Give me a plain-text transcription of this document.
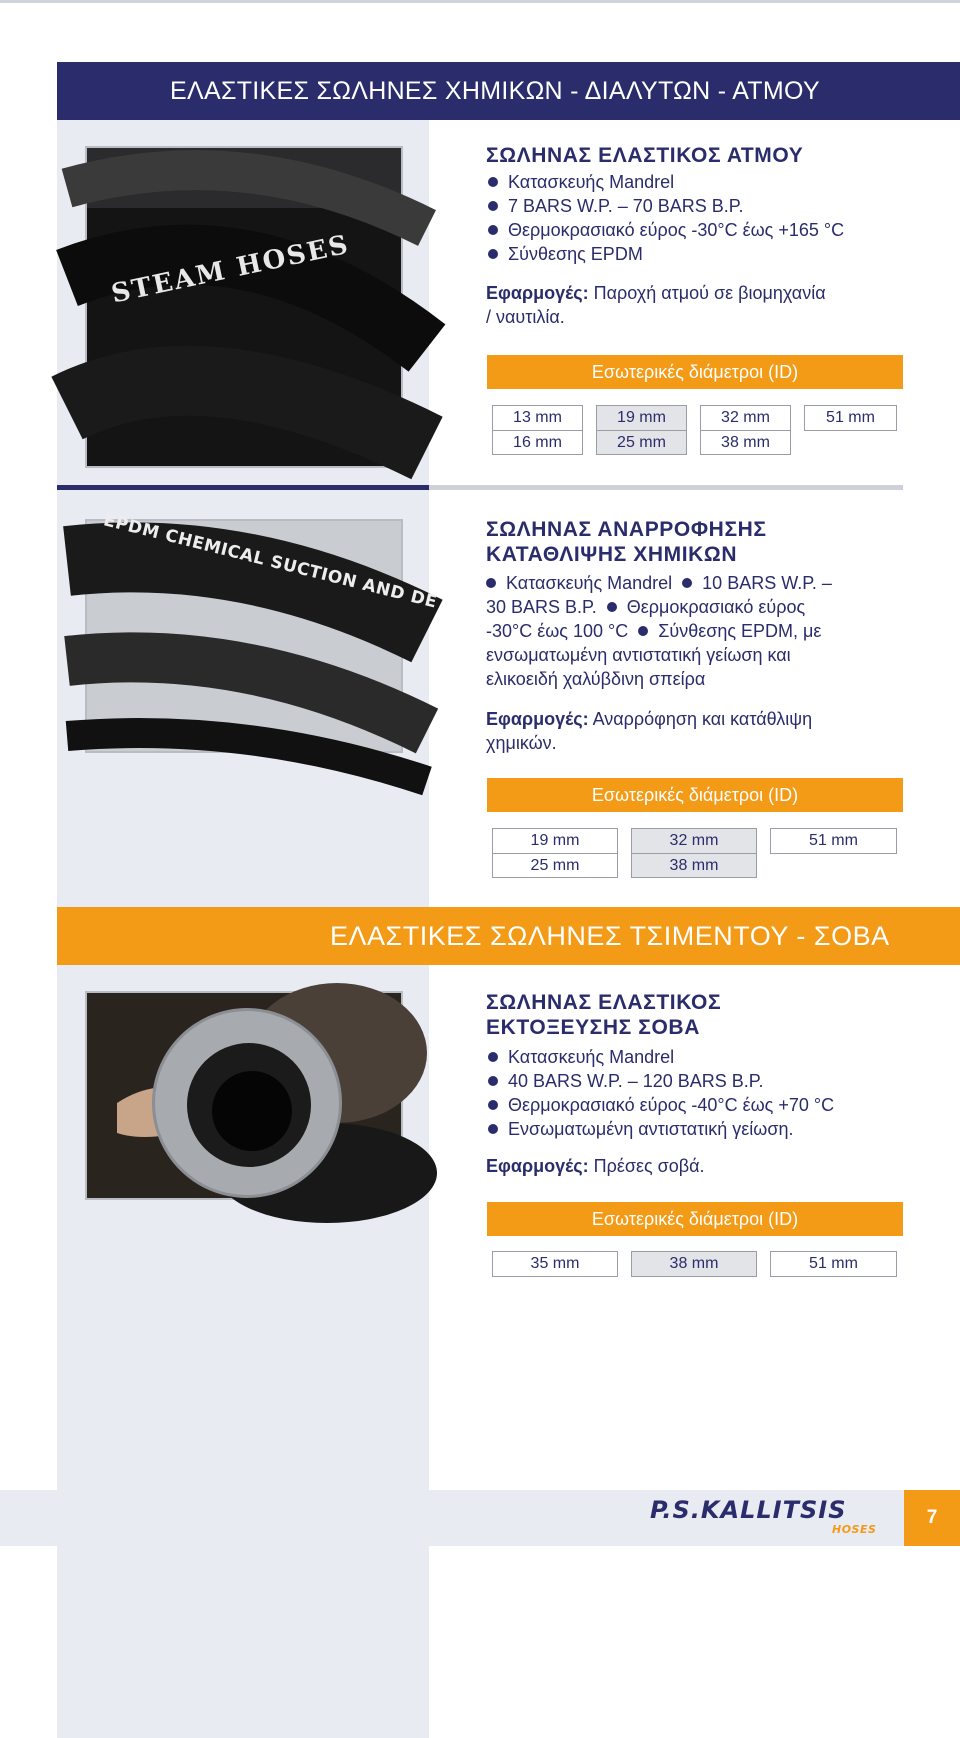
ΕΛΑΣΤΙΚΕΣ ΣΩΛΗΝΕΣ ΧΗΜΙΚΩΝ - ΔΙΑΛΥΤΩΝ - ΑΤΜΟΥ
STEAM HOSES
ΣΩΛΗΝΑΣ ΕΛΑΣΤΙΚΟΣ ΑΤΜΟΥ
Κατασκευής Mandrel
7 BARS W.P. – 70 BARS B.P.
Θερμοκρασιακό εύρος -30°C έως +165 °C
Σύνθεσης EPDM
Εφαρμογές: Παροχή ατμού σε βιομηχανία
/ ναυτιλία.
Εσωτερικές διάμετροι (ID)
13 mm
16 mm
19 mm
25 mm
32 mm
38 mm
51 mm
EPDM CHEMICAL SUCTION AND DE ΣΩΛΗΝΑΣ ΑΝΑΡΡΟΦΗΣΗΣ
ΚΑΤΑΘΛΙΨΗΣ ΧΗΜΙΚΩΝ
Κατασκευής Mandrel 10 BARS W.P. –
30 BARS B.P. Θερμοκρασιακό εύρος
-30°C έως 100 °C Σύνθεσης EPDM, με
ενσωματωμένη αντιστατική γείωση και
ελικοειδή χαλύβδινη σπείρα
Εφαρμογές: Αναρρόφηση και κατάθλιψη
χημικών.
Εσωτερικές διάμετροι (ID)
19 mm
25 mm
32 mm
38 mm
51 mm
ΕΛΑΣΤΙΚΕΣ ΣΩΛΗΝΕΣ ΤΣΙΜΕΝΤΟΥ - ΣΟΒΑ
ΣΩΛΗΝΑΣ ΕΛΑΣΤΙΚΟΣ
ΕΚΤΟΞΕΥΣΗΣ ΣΟΒΑ
Κατασκευής Mandrel
40 BARS W.P. – 120 BARS B.P.
Θερμοκρασιακό εύρος -40°C έως +70 °C
Ενσωματωμένη αντιστατική γείωση.
Εφαρμογές: Πρέσες σοβά.
Εσωτερικές διάμετροι (ID)
35 mm	38 mm	51 mm
P.S.KALLITSIS
HOSES
7
